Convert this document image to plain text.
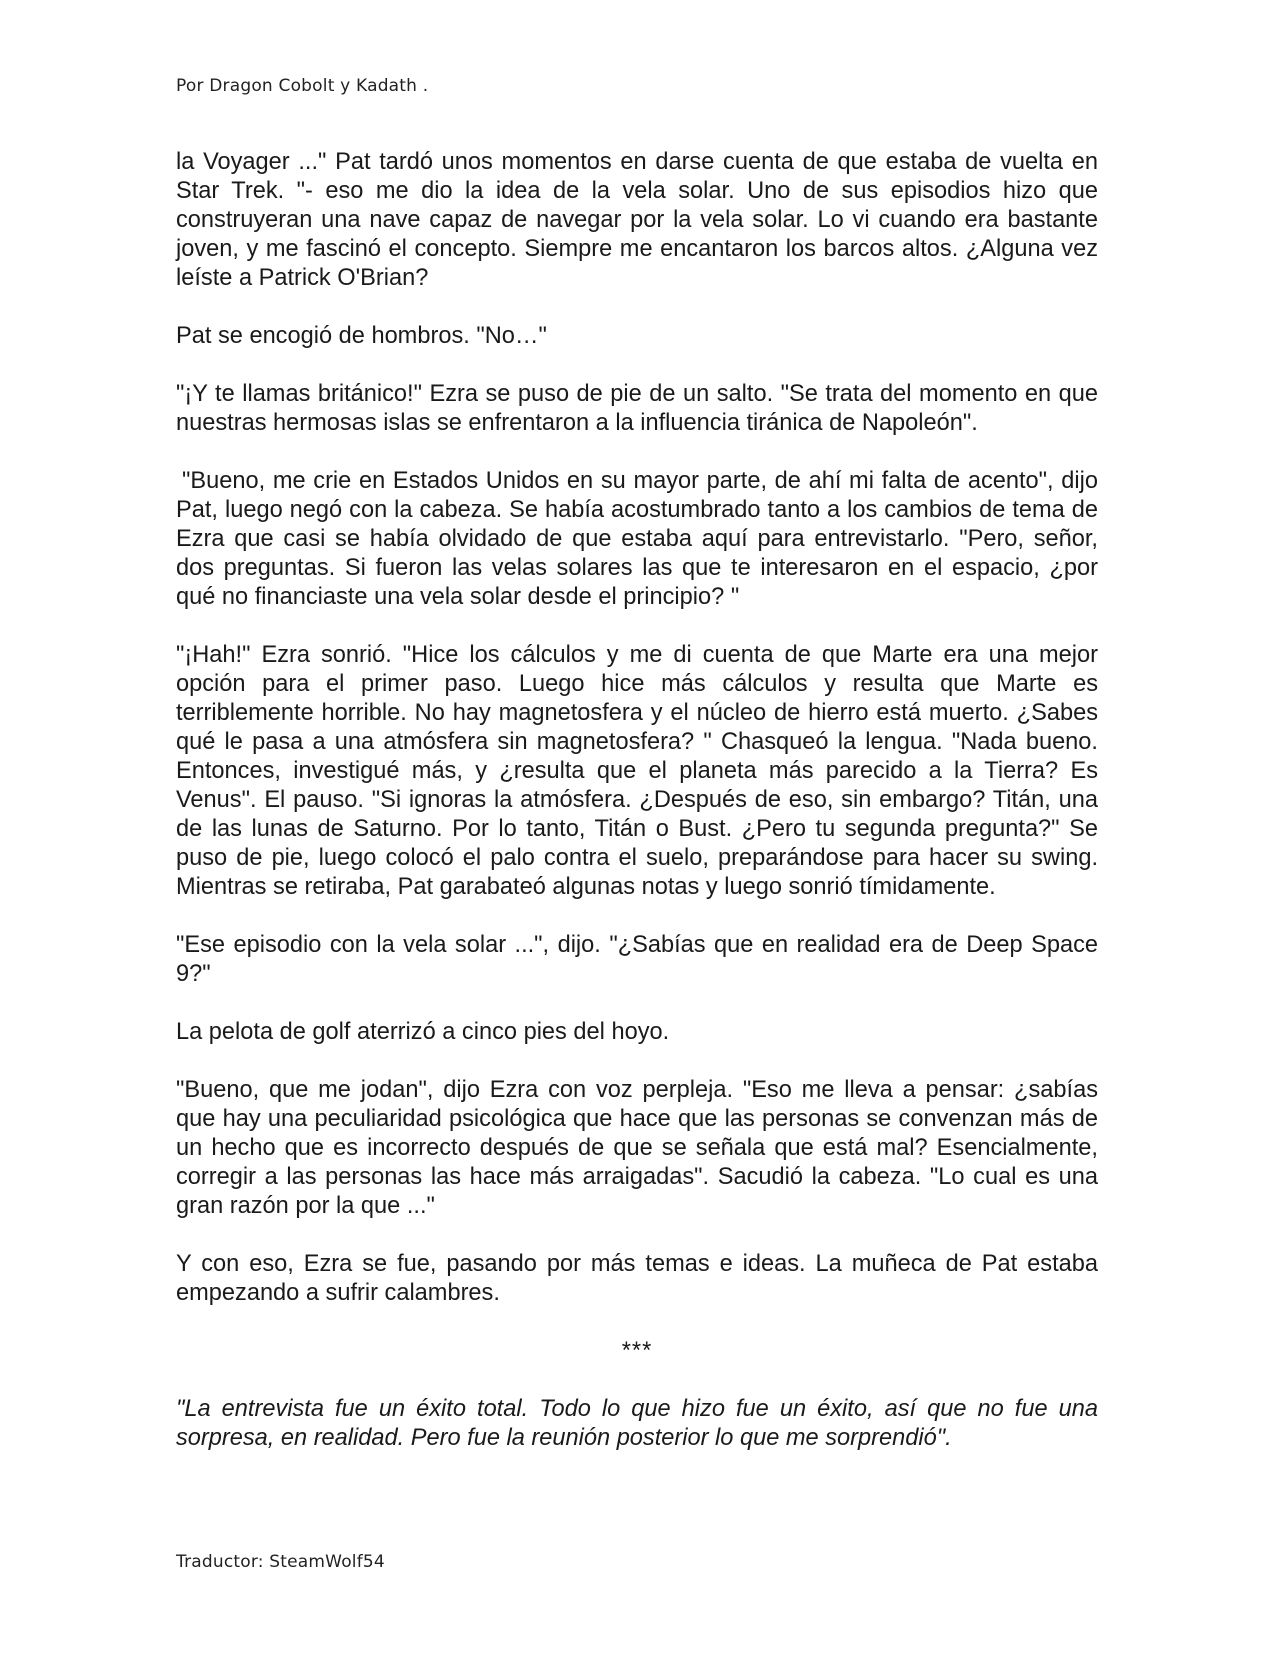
Por Dragon Cobolt y Kadath .

la Voyager ..." Pat tardó unos momentos en darse cuenta de que estaba de vuelta en Star Trek. "- eso me dio la idea de la vela solar. Uno de sus episodios hizo que construyeran una nave capaz de navegar por la vela solar. Lo vi cuando era bastante joven, y me fascinó el concepto. Siempre me encantaron los barcos altos. ¿Alguna vez leíste a Patrick O'Brian?

Pat se encogió de hombros. "No…"

"¡Y te llamas británico!" Ezra se puso de pie de un salto. "Se trata del momento en que nuestras hermosas islas se enfrentaron a la influencia tiránica de Napoleón".

"Bueno, me crie en Estados Unidos en su mayor parte, de ahí mi falta de acento", dijo Pat, luego negó con la cabeza. Se había acostumbrado tanto a los cambios de tema de Ezra que casi se había olvidado de que estaba aquí para entrevistarlo. "Pero, señor, dos preguntas. Si fueron las velas solares las que te interesaron en el espacio, ¿por qué no financiaste una vela solar desde el principio? "

"¡Hah!" Ezra sonrió. "Hice los cálculos y me di cuenta de que Marte era una mejor opción para el primer paso. Luego hice más cálculos y resulta que Marte es terriblemente horrible. No hay magnetosfera y el núcleo de hierro está muerto. ¿Sabes qué le pasa a una atmósfera sin magnetosfera? " Chasqueó la lengua. "Nada bueno. Entonces, investigué más, y ¿resulta que el planeta más parecido a la Tierra? Es Venus". El pauso. "Si ignoras la atmósfera. ¿Después de eso, sin embargo? Titán, una de las lunas de Saturno. Por lo tanto, Titán o Bust. ¿Pero tu segunda pregunta?" Se puso de pie, luego colocó el palo contra el suelo, preparándose para hacer su swing. Mientras se retiraba, Pat garabateó algunas notas y luego sonrió tímidamente.

"Ese episodio con la vela solar ...", dijo. "¿Sabías que en realidad era de Deep Space 9?"

La pelota de golf aterrizó a cinco pies del hoyo.

"Bueno, que me jodan", dijo Ezra con voz perpleja. "Eso me lleva a pensar: ¿sabías que hay una peculiaridad psicológica que hace que las personas se convenzan más de un hecho que es incorrecto después de que se señala que está mal? Esencialmente, corregir a las personas las hace más arraigadas". Sacudió la cabeza. "Lo cual es una gran razón por la que ..."

Y con eso, Ezra se fue, pasando por más temas e ideas. La muñeca de Pat estaba empezando a sufrir calambres.

***

"La entrevista fue un éxito total. Todo lo que hizo fue un éxito, así que no fue una sorpresa, en realidad. Pero fue la reunión posterior lo que me sorprendió".

Traductor: SteamWolf54
